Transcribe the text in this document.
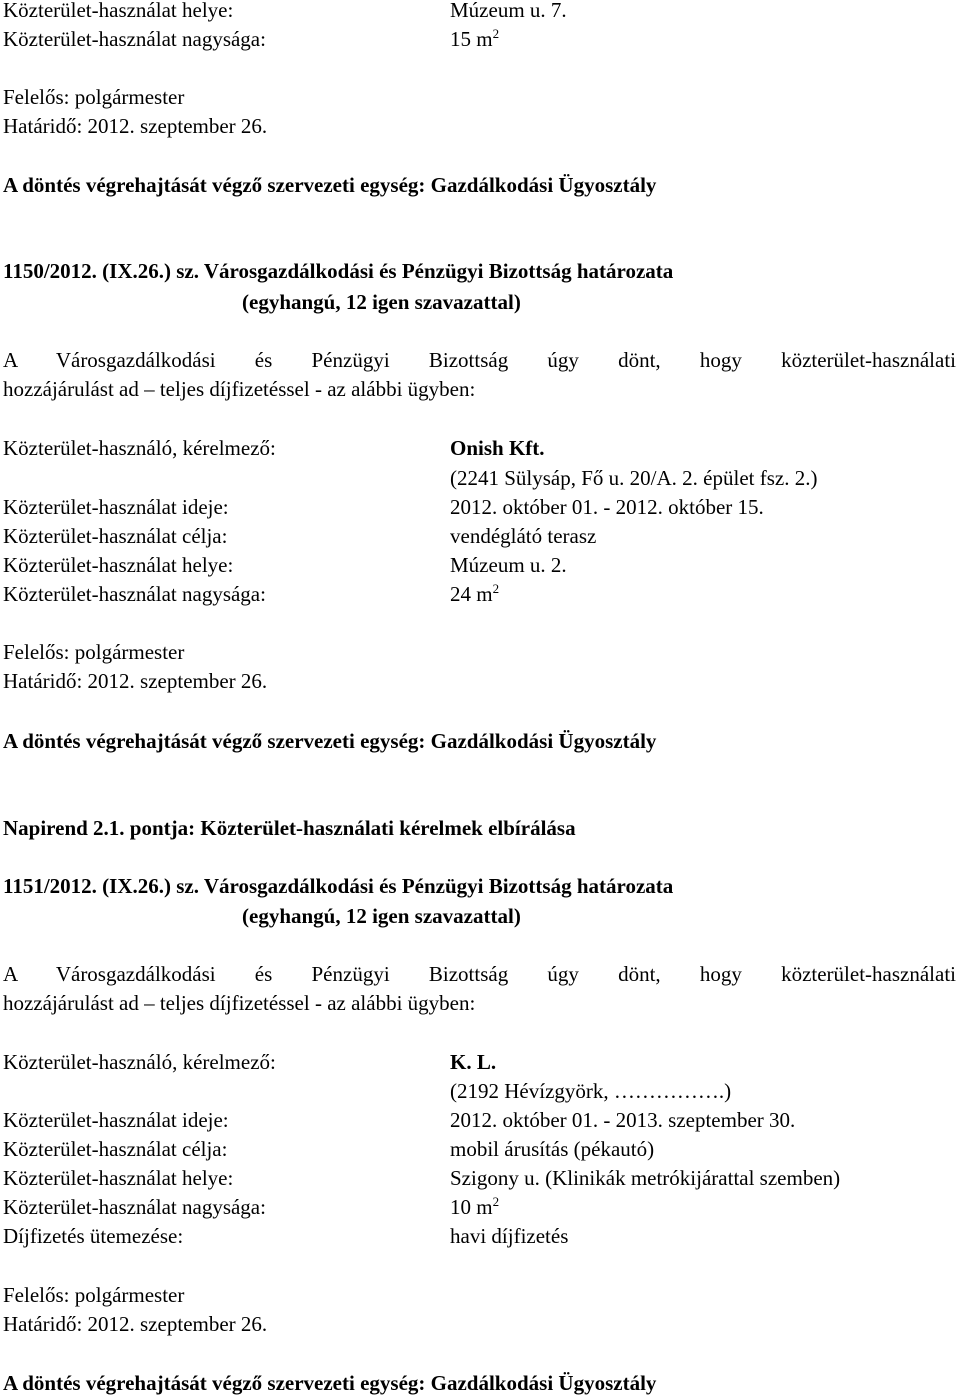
Közterület-használat helye:	Múzeum u. 7.
Közterület-használat nagysága:	15 $m^2$
Felelős: polgármester
Határidő: 2012. szeptember 26.
A döntés végrehajtását végző szervezeti egység: Gazdálkodási Ügyosztály
1150/2012. (IX.26.) sz. Városgazdálkodási és Pénzügyi Bizottság határozata
(egyhangú, 12 igen szavazattal)
A Városgazdálkodási és Pénzügyi Bizottság úgy dönt, hogy közterület-használati
hozzájárulást ad – teljes díjfizetéssel - az alábbi ügyben:
Közterület-használó, kérelmező:	Onish Kft.
(2241 Sülysáp, Fő u. 20/A. 2. épület fsz. 2.)
Közterület-használat ideje:	2012. október 01. - 2012. október 15.
Közterület-használat célja:	vendéglátó terasz
Közterület-használat helye:	Múzeum u. 2.
Közterület-használat nagysága:	24 $m^2$
Felelős: polgármester
Határidő: 2012. szeptember 26.
A döntés végrehajtását végző szervezeti egység: Gazdálkodási Ügyosztály
Napirend 2.1. pontja: Közterület-használati kérelmek elbírálása
1151/2012. (IX.26.) sz. Városgazdálkodási és Pénzügyi Bizottság határozata
(egyhangú, 12 igen szavazattal)
A Városgazdálkodási és Pénzügyi Bizottság úgy dönt, hogy közterület-használati
hozzájárulást ad – teljes díjfizetéssel - az alábbi ügyben:
Közterület-használó, kérelmező:	K. L.
(2192 Hévízgyörk, …………….)
Közterület-használat ideje:	2012. október 01. - 2013. szeptember 30.
Közterület-használat célja:	mobil árusítás (pékautó)
Közterület-használat helye:	Szigony u. (Klinikák metrókijárattal szemben)
Közterület-használat nagysága:	10 $m^2$
Díjfizetés ütemezése:	havi díjfizetés
Felelős: polgármester
Határidő: 2012. szeptember 26.
A döntés végrehajtását végző szervezeti egység: Gazdálkodási Ügyosztály
